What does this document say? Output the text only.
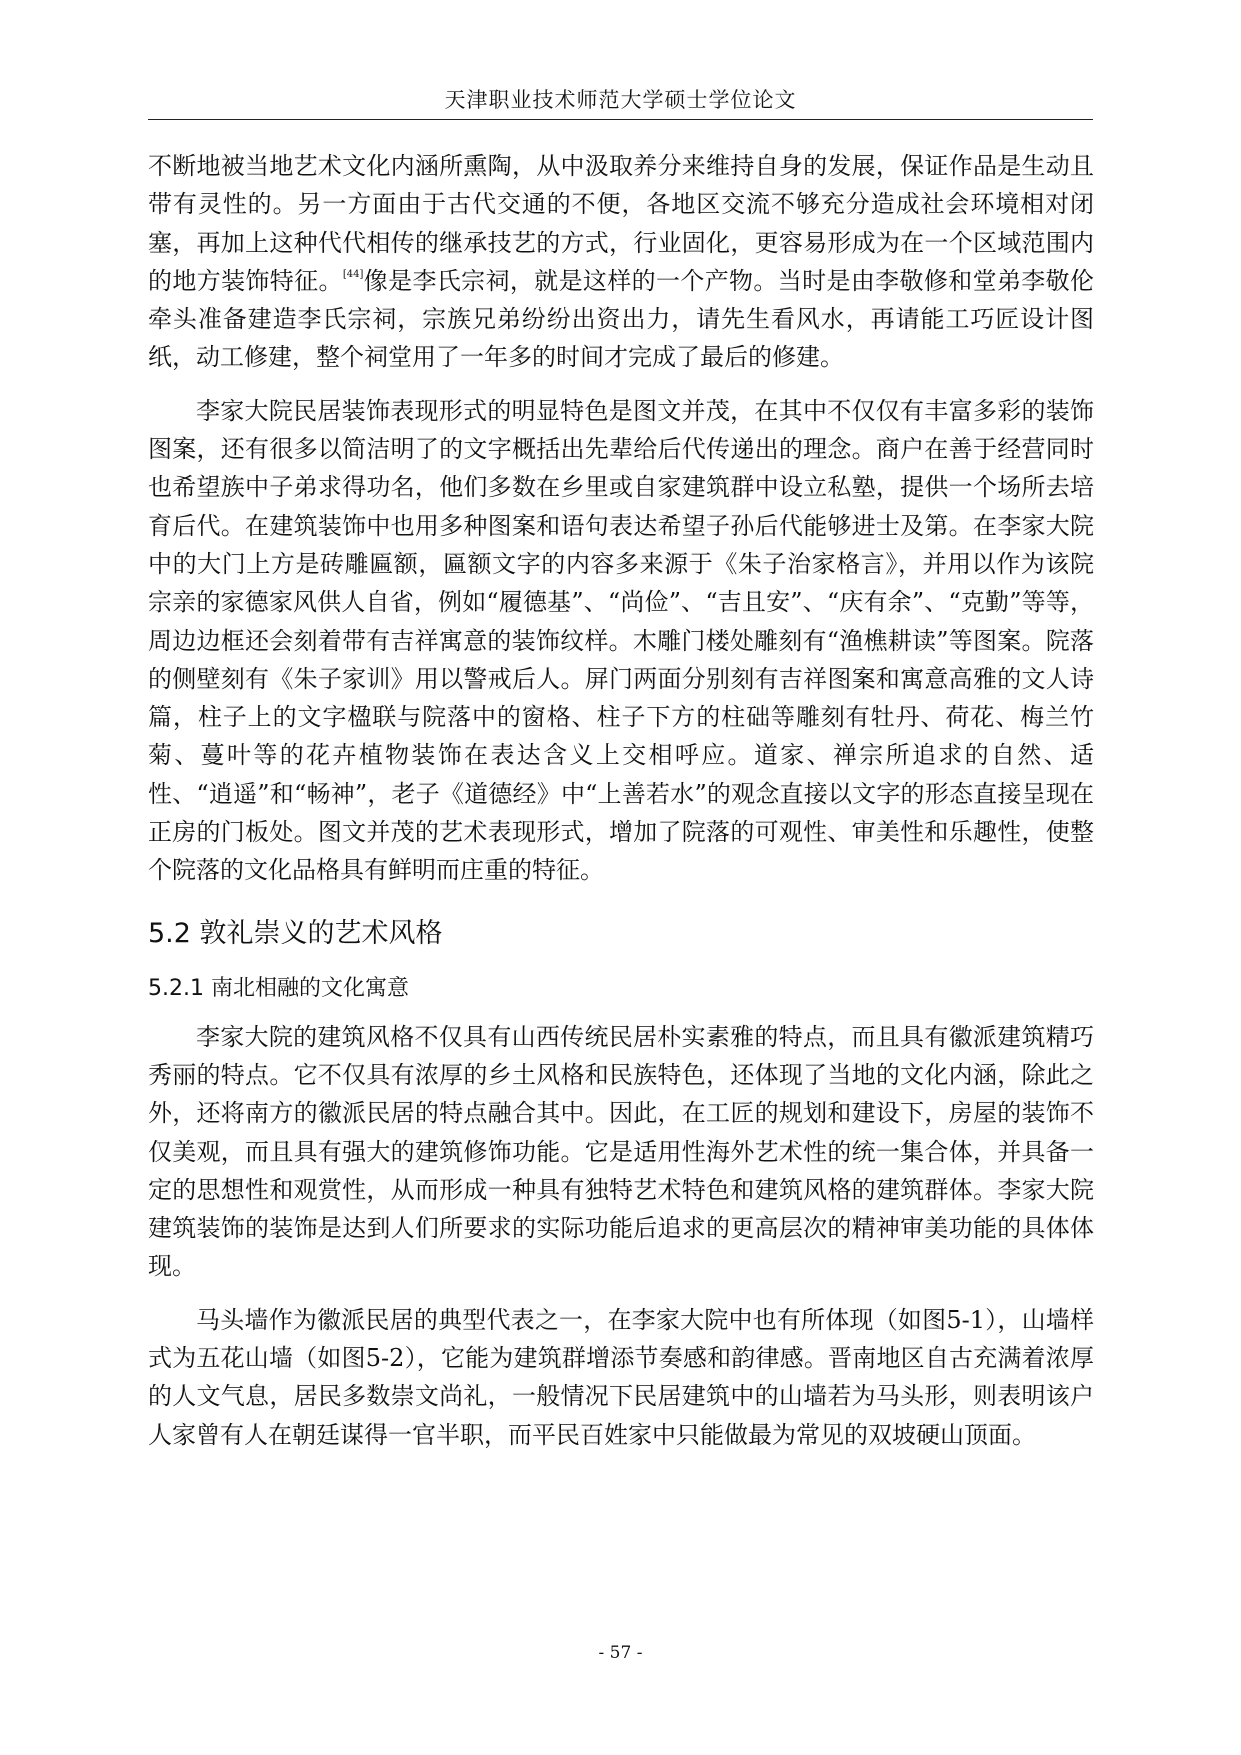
天津职业技术师范大学硕士学位论文

不断地被当地艺术文化内涵所熏陶，从中汲取养分来维持自身的发展，保证作品是生动且带有灵性的。另一方面由于古代交通的不便，各地区交流不够充分造成社会环境相对闭塞，再加上这种代代相传的继承技艺的方式，行业固化，更容易形成为在一个区域范围内的地方装饰特征。[44]像是李氏宗祠，就是这样的一个产物。当时是由李敬修和堂弟李敬伦牵头准备建造李氏宗祠，宗族兄弟纷纷出资出力，请先生看风水，再请能工巧匠设计图纸，动工修建，整个祠堂用了一年多的时间才完成了最后的修建。

李家大院民居装饰表现形式的明显特色是图文并茂，在其中不仅仅有丰富多彩的装饰图案，还有很多以简洁明了的文字概括出先辈给后代传递出的理念。商户在善于经营同时也希望族中子弟求得功名，他们多数在乡里或自家建筑群中设立私塾，提供一个场所去培育后代。在建筑装饰中也用多种图案和语句表达希望子孙后代能够进士及第。在李家大院中的大门上方是砖雕匾额，匾额文字的内容多来源于《朱子治家格言》，并用以作为该院宗亲的家德家风供人自省，例如“履德基”、“尚俭”、“吉且安”、“庆有余”、“克勤”等等，周边边框还会刻着带有吉祥寓意的装饰纹样。木雕门楼处雕刻有“渔樵耕读”等图案。院落的侧壁刻有《朱子家训》用以警戒后人。屏门两面分别刻有吉祥图案和寓意高雅的文人诗篇，柱子上的文字楹联与院落中的窗格、柱子下方的柱础等雕刻有牡丹、荷花、梅兰竹菊、蔓叶等的花卉植物装饰在表达含义上交相呼应。道家、禅宗所追求的自然、适性、“逍遥”和“畅神”，老子《道德经》中“上善若水”的观念直接以文字的形态直接呈现在正房的门板处。图文并茂的艺术表现形式，增加了院落的可观性、审美性和乐趣性，使整个院落的文化品格具有鲜明而庄重的特征。

5.2 敦礼崇义的艺术风格
5.2.1 南北相融的文化寓意

李家大院的建筑风格不仅具有山西传统民居朴实素雅的特点，而且具有徽派建筑精巧秀丽的特点。它不仅具有浓厚的乡土风格和民族特色，还体现了当地的文化内涵，除此之外，还将南方的徽派民居的特点融合其中。因此，在工匠的规划和建设下，房屋的装饰不仅美观，而且具有强大的建筑修饰功能。它是适用性海外艺术性的统一集合体，并具备一定的思想性和观赏性，从而形成一种具有独特艺术特色和建筑风格的建筑群体。李家大院建筑装饰的装饰是达到人们所要求的实际功能后追求的更高层次的精神审美功能的具体体现。

马头墙作为徽派民居的典型代表之一，在李家大院中也有所体现（如图5-1），山墙样式为五花山墙（如图5-2），它能为建筑群增添节奏感和韵律感。晋南地区自古充满着浓厚的人文气息，居民多数崇文尚礼，一般情况下民居建筑中的山墙若为马头形，则表明该户人家曾有人在朝廷谋得一官半职，而平民百姓家中只能做最为常见的双坡硬山顶面。

- 57 -
